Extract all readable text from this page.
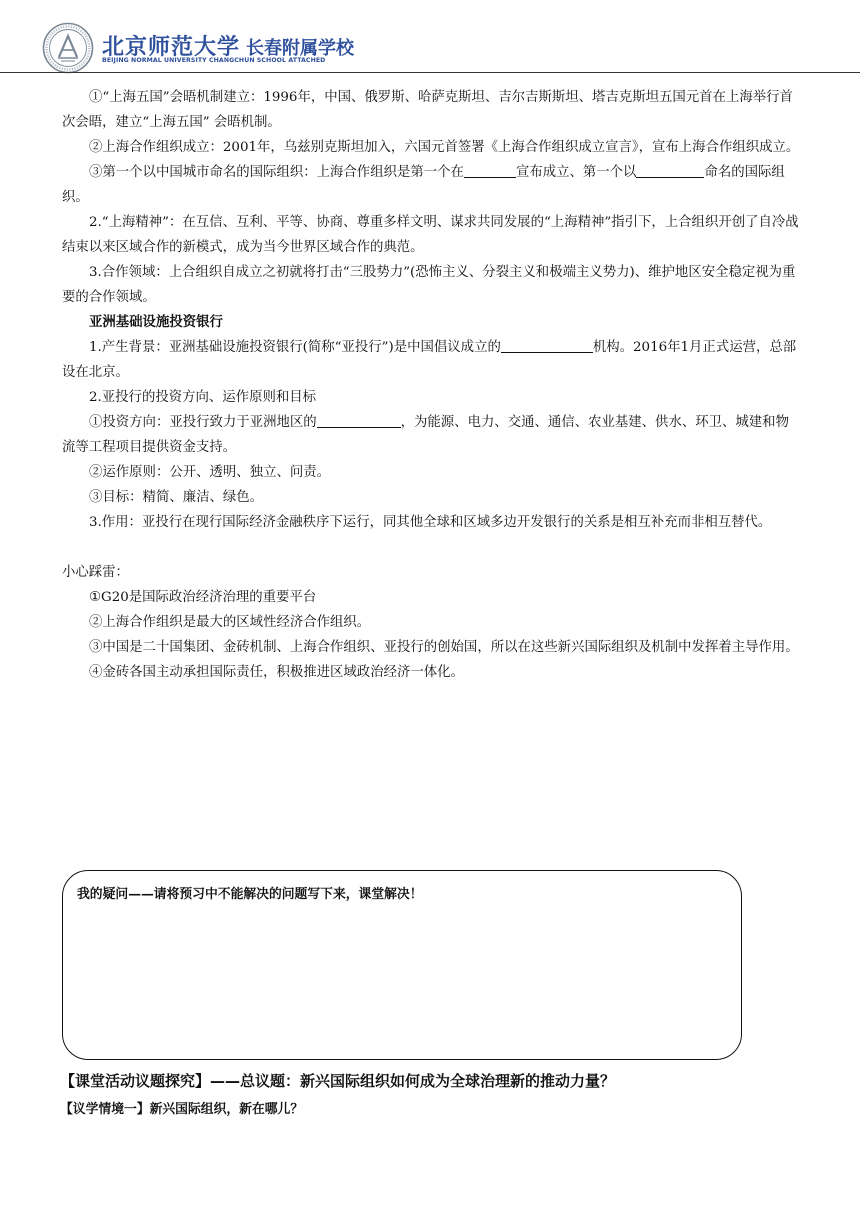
北京师范大学 长春附属学校
BEIJING NORMAL UNIVERSITY CHANGCHUN SCHOOL ATTACHED

①“上海五国”会晤机制建立：1996年，中国、俄罗斯、哈萨克斯坦、吉尔吉斯斯坦、塔吉克斯坦五国元首在上海举行首次会晤，建立“上海五国” 会晤机制。

②上海合作组织成立：2001年，乌兹别克斯坦加入，六国元首签署《上海合作组织成立宣言》，宣布上海合作组织成立。

③第一个以中国城市命名的国际组织：上海合作组织是第一个在	宣布成立、第一个以	命名的国际组织。

2.“上海精神”：在互信、互利、平等、协商、尊重多样文明、谋求共同发展的“上海精神”指引下，上合组织开创了自冷战结束以来区域合作的新模式，成为当今世界区域合作的典范。

3.合作领域：上合组织自成立之初就将打击“三股势力”(恐怖主义、分裂主义和极端主义势力)、维护地区安全稳定视为重要的合作领域。

亚洲基础设施投资银行

1.产生背景：亚洲基础设施投资银行(简称“亚投行”)是中国倡议成立的	机构。2016年1月正式运营，总部设在北京。

2.亚投行的投资方向、运作原则和目标

①投资方向：亚投行致力于亚洲地区的	，为能源、电力、交通、通信、农业基建、供水、环卫、城建和物流等工程项目提供资金支持。

②运作原则：公开、透明、独立、问责。

③目标：精简、廉洁、绿色。

3.作用：亚投行在现行国际经济金融秩序下运行，同其他全球和区域多边开发银行的关系是相互补充而非相互替代。

小心踩雷：

①G20是国际政治经济治理的重要平台

②上海合作组织是最大的区域性经济合作组织。

③中国是二十国集团、金砖机制、上海合作组织、亚投行的创始国，所以在这些新兴国际组织及机制中发挥着主导作用。

④金砖各国主动承担国际责任，积极推进区域政治经济一体化。

我的疑问——请将预习中不能解决的问题写下来，课堂解决！
【课堂活动议题探究】——总议题：新兴国际组织如何成为全球治理新的推动力量？
【议学情境一】新兴国际组织，新在哪儿？
